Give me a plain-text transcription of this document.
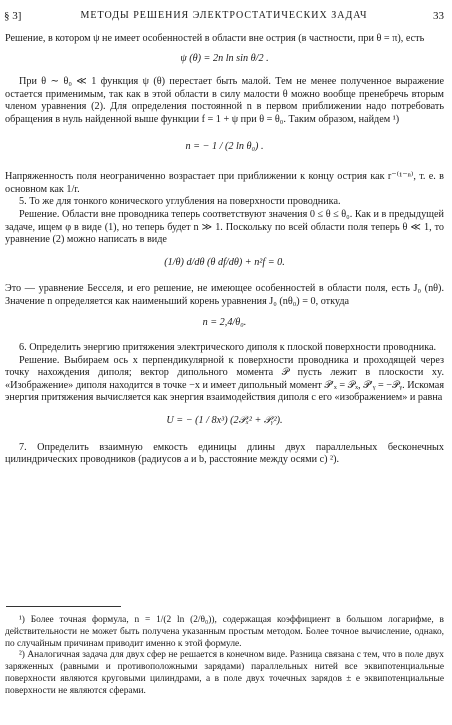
§ 3]	МЕТОДЫ РЕШЕНИЯ ЭЛЕКТРОСТАТИЧЕСКИХ ЗАДАЧ	33

Решение, в котором ψ не имеет особенностей в области вне острия (в частности, при θ = π), есть

ψ (θ) = 2n ln sin θ/2 .

При θ ∼ θ₀ ≪ 1 функция ψ (θ) перестает быть малой. Тем не менее полученное выражение остается применимым, так как в этой области в силу малости θ можно вообще пренебречь вторым членом уравнения (2). Для определения постоянной n в первом приближении надо потребовать обращения в нуль найденной выше функции f = 1 + ψ при θ = θ₀. Таким образом, найдем ¹)

n = − 1 / (2 ln θ₀) .

Напряженность поля неограниченно возрастает при приближении к концу острия как r⁻⁽¹⁻ⁿ⁾, т. е. в основном как 1/r.

5. То же для тонкого конического углубления на поверхности проводника.

Решение. Области вне проводника теперь соответствуют значения 0 ≤ θ ≤ θ₀. Как и в предыдущей задаче, ищем φ в виде (1), но теперь будет n ≫ 1. Поскольку по всей области поля теперь θ ≪ 1, то уравнение (2) можно написать в виде

(1/θ) d/dθ (θ df/dθ) + n²f = 0.

Это — уравнение Бесселя, и его решение, не имеющее особенностей в области поля, есть J₀ (nθ). Значение n определяется как наименьший корень уравнения J₀ (nθ₀) = 0, откуда

n = 2,4/θ₀.

6. Определить энергию притяжения электрического диполя к плоской поверхности проводника.

Решение. Выбираем ось x перпендикулярной к поверхности проводника и проходящей через точку нахождения диполя; вектор дипольного момента 𝒫 пусть лежит в плоскости xy. «Изображение» диполя находится в точке −x и имеет дипольный момент 𝒫′ₓ = 𝒫ₓ, 𝒫′ᵧ = −𝒫ᵧ. Искомая энергия притяжения вычисляется как энергия взаимодействия диполя с его «изображением» и равна

U = − (1 / 8x³) (2𝒫ₓ² + 𝒫ᵧ²).

7. Определить взаимную емкость единицы длины двух параллельных бесконечных цилиндрических проводников (радиусов a и b, расстояние между осями c) ²).

¹) Более точная формула, n = 1/(2 ln (2/θ₀)), содержащая коэффициент в большом логарифме, в действительности не может быть получена указанным простым методом. Более точное вычисление, однако, по случайным причинам приводит именно к этой формуле.

²) Аналогичная задача для двух сфер не решается в конечном виде. Разница связана с тем, что в поле двух заряженных (равными и противоположными зарядами) параллельных нитей все эквипотенциальные поверхности являются круговыми цилиндрами, а в поле двух точечных зарядов ± e эквипотенциальные поверхности не являются сферами.
